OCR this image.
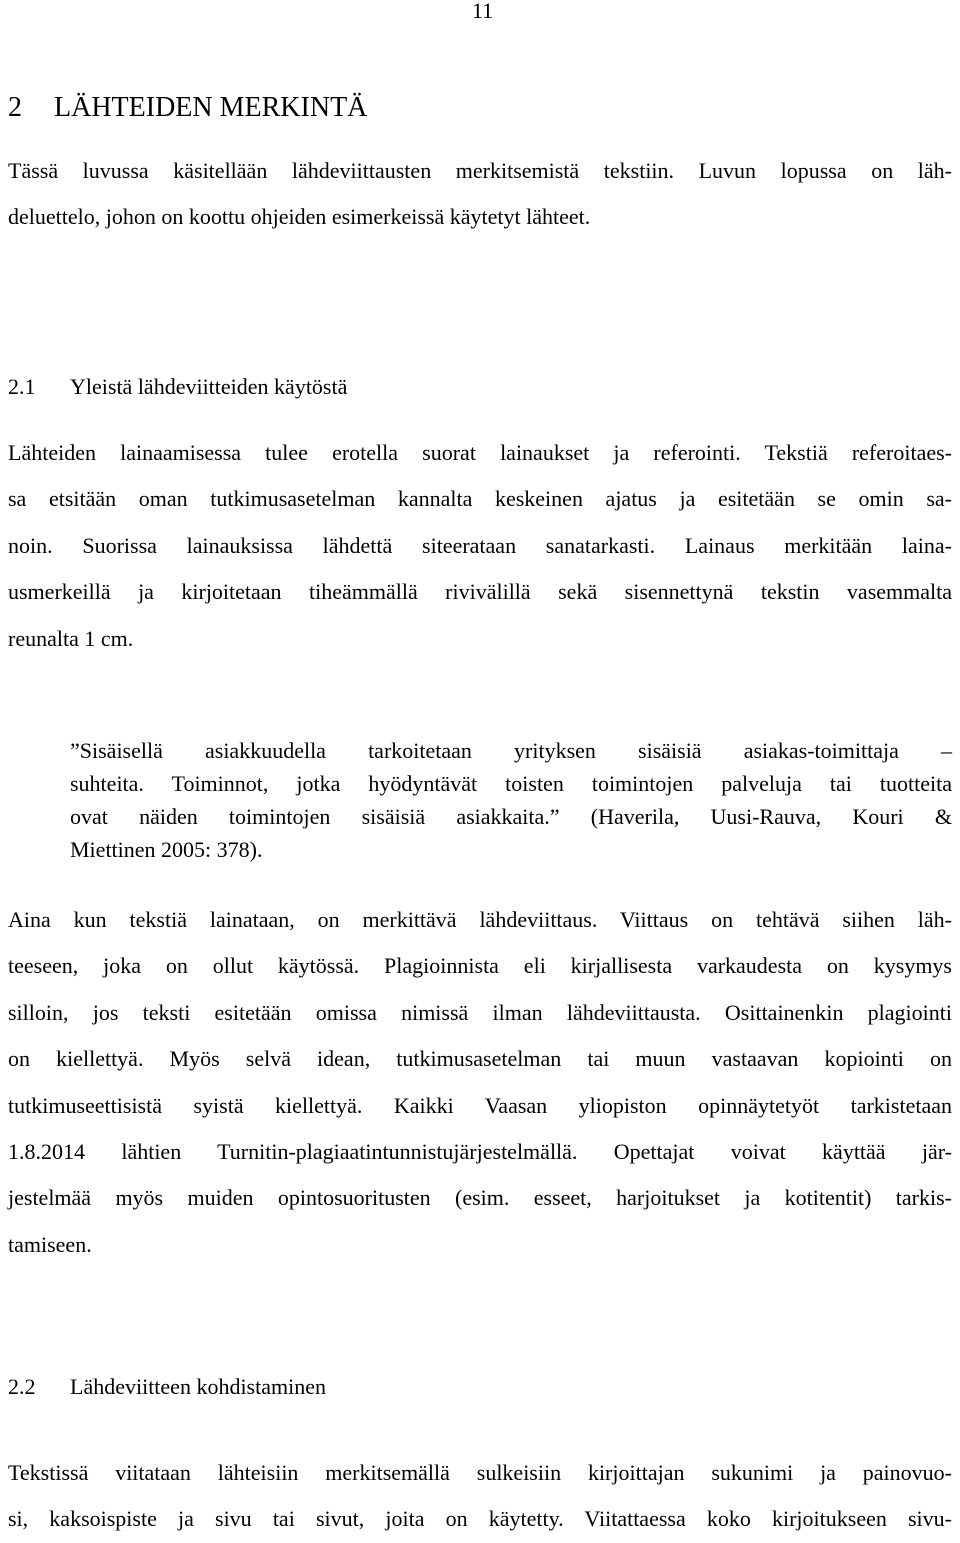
11

2 LÄHTEIDEN MERKINTÄ

Tässä luvussa käsitellään lähdeviittausten merkitsemistä tekstiin. Luvun lopussa on läh-
deluettelo, johon on koottu ohjeiden esimerkeissä käytetyt lähteet.

2.1 Yleistä lähdeviitteiden käytöstä

Lähteiden lainaamisessa tulee erotella suorat lainaukset ja referointi. Tekstiä referoitaes-
sa etsitään oman tutkimusasetelman kannalta keskeinen ajatus ja esitetään se omin sa-
noin. Suorissa lainauksissa lähdettä siteerataan sanatarkasti. Lainaus merkitään laina-
usmerkeillä ja kirjoitetaan tiheämmällä rivivälillä sekä sisennettynä tekstin vasemmalta
reunalta 1 cm.

”Sisäisellä asiakkuudella tarkoitetaan yrityksen sisäisiä asiakas-toimittaja –
suhteita. Toiminnot, jotka hyödyntävät toisten toimintojen palveluja tai tuotteita
ovat näiden toimintojen sisäisiä asiakkaita.” (Haverila, Uusi-Rauva, Kouri &
Miettinen 2005: 378).

Aina kun tekstiä lainataan, on merkittävä lähdeviittaus. Viittaus on tehtävä siihen läh-
teeseen, joka on ollut käytössä. Plagioinnista eli kirjallisesta varkaudesta on kysymys
silloin, jos teksti esitetään omissa nimissä ilman lähdeviittausta. Osittainenkin plagiointi
on kiellettyä. Myös selvä idean, tutkimusasetelman tai muun vastaavan kopiointi on
tutkimuseettisistä syistä kiellettyä. Kaikki Vaasan yliopiston opinnäytetyöt tarkistetaan
1.8.2014 lähtien Turnitin-plagiaatintunnistujärjestelmällä. Opettajat voivat käyttää jär-
jestelmää myös muiden opintosuoritusten (esim. esseet, harjoitukset ja kotitentit) tarkis-
tamiseen.

2.2 Lähdeviitteen kohdistaminen

Tekstissä viitataan lähteisiin merkitsemällä sulkeisiin kirjoittajan sukunimi ja painovuo-
si, kaksoispiste ja sivu tai sivut, joita on käytetty. Viitattaessa koko kirjoitukseen sivu-
